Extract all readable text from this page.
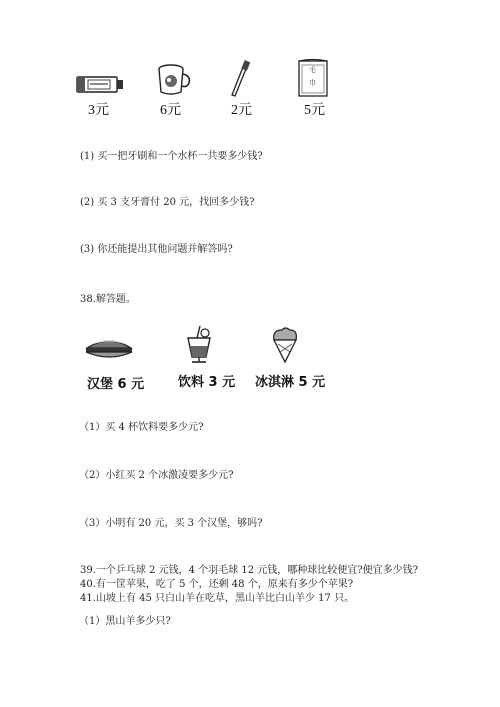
毛
巾
3元	6元	2元	5元
(1) 买一把牙刷和一个水杯一共要多少钱?
(2) 买 3 支牙膏付 20 元，找回多少钱?
(3) 你还能提出其他问题并解答吗?
38.解答题。
汉堡 6 元	饮料 3 元 冰淇淋 5 元
（1）买 4 杯饮料要多少元?
（2）小红买 2 个冰激凌要多少元?
（3）小明有 20 元，买 3 个汉堡，够吗?
39.一个乒乓球 2 元钱，4 个羽毛球 12 元钱，哪种球比较便宜?便宜多少钱?
40.有一筐苹果，吃了 5 个，还剩 48 个，原来有多少个苹果?
41.山坡上有 45 只白山羊在吃草，黑山羊比白山羊少 17 只。
（1）黑山羊多少只?
